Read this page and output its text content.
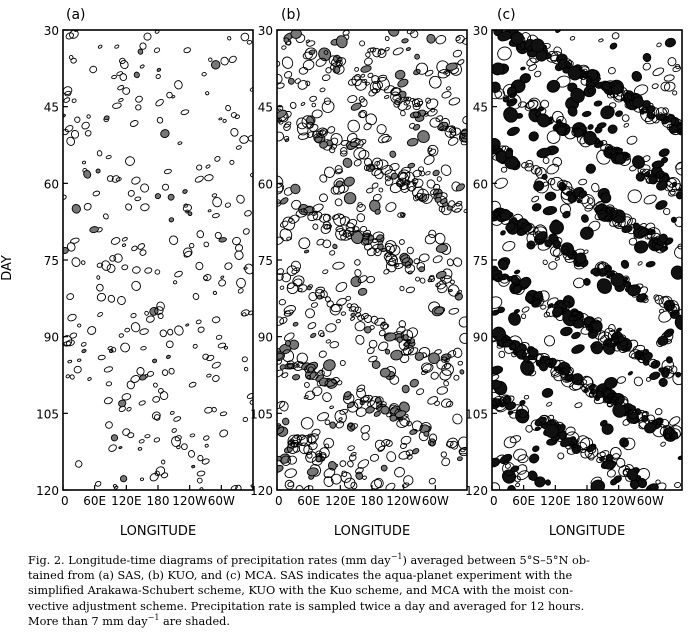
DAY
(a)
LONGITUDE
30
45
60
75
90
105
120
0 60E 120E 180 120W 60W
(b)
LONGITUDE
30
45
60
75
90
105
120
0 60E 120E 180 120W 60W
(c)
LONGITUDE
30
45
60
75
90
105
120
0 60E 120E 180 120W 60W

Fig. 2. Longitude-time diagrams of precipitation rates (mm day$^{-1}$) averaged between 5°S–5°N ob-

tained from (a) SAS, (b) KUO, and (c) MCA. SAS indicates the aqua-planet experiment with the

simplified Arakawa-Schubert scheme, KUO with the Kuo scheme, and MCA with the moist con-

vective adjustment scheme. Precipitation rate is sampled twice a day and averaged for 12 hours.

More than 7 mm day$^{-1}$ are shaded.
